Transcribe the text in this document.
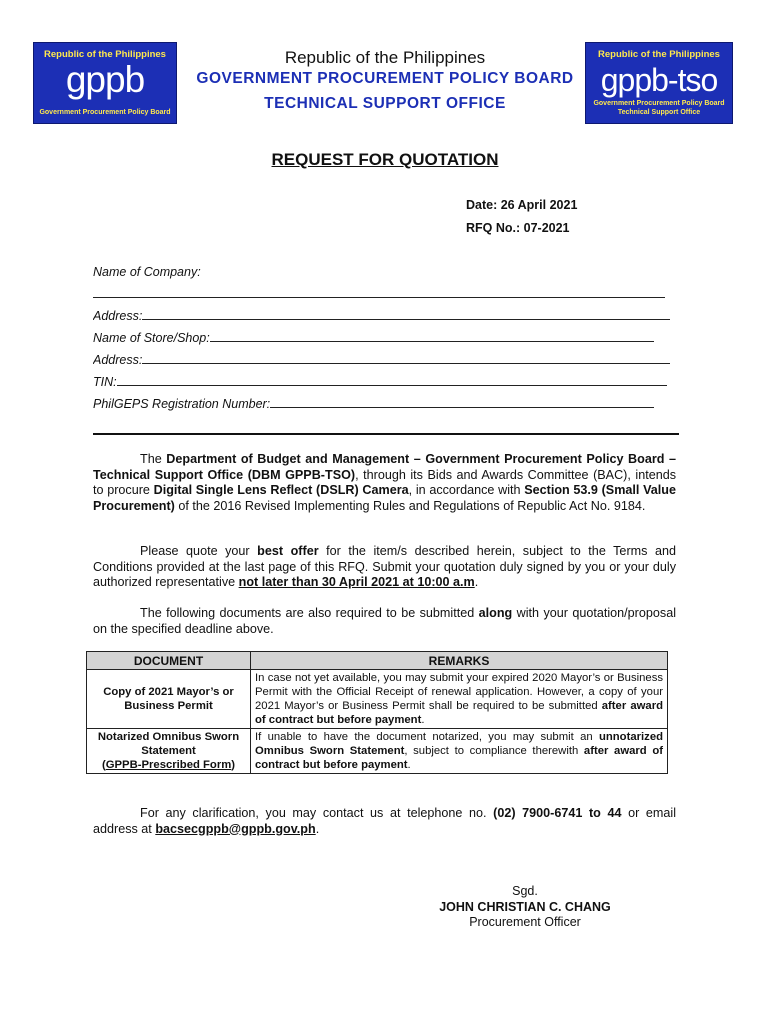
Republic of the Philippines
gppb
Government Procurement Policy Board
Republic of the Philippines
gppb-tso
Government Procurement Policy Board
Technical Support Office
Republic of the Philippines
GOVERNMENT PROCUREMENT POLICY BOARD
TECHNICAL SUPPORT OFFICE
REQUEST FOR QUOTATION
Date: 26 April 2021
RFQ No.: 07-2021
Name of Company:
Address:
Name of Store/Shop:
Address:
TIN:
PhilGEPS Registration Number:
The Department of Budget and Management – Government Procurement Policy Board – Technical Support Office (DBM GPPB-TSO), through its Bids and Awards Committee (BAC), intends to procure Digital Single Lens Reflect (DSLR) Camera, in accordance with Section 53.9 (Small Value Procurement) of the 2016 Revised Implementing Rules and Regulations of Republic Act No. 9184.
Please quote your best offer for the item/s described herein, subject to the Terms and Conditions provided at the last page of this RFQ. Submit your quotation duly signed by you or your duly authorized representative not later than 30 April 2021 at 10:00 a.m.
The following documents are also required to be submitted along with your quotation/proposal on the specified deadline above.
DOCUMENT	REMARKS
Copy of 2021 Mayor’s or Business Permit	In case not yet available, you may submit your expired 2020 Mayor’s or Business Permit with the Official Receipt of renewal application. However, a copy of your 2021 Mayor’s or Business Permit shall be required to be submitted after award of contract but before payment.
Notarized Omnibus Sworn Statement
(GPPB-Prescribed Form)	If unable to have the document notarized, you may submit an unnotarized Omnibus Sworn Statement, subject to compliance therewith after award of contract but before payment.
For any clarification, you may contact us at telephone no. (02) 7900-6741 to 44 or email address at bacsecgppb@gppb.gov.ph.
Sgd.
JOHN CHRISTIAN C. CHANG
Procurement Officer
